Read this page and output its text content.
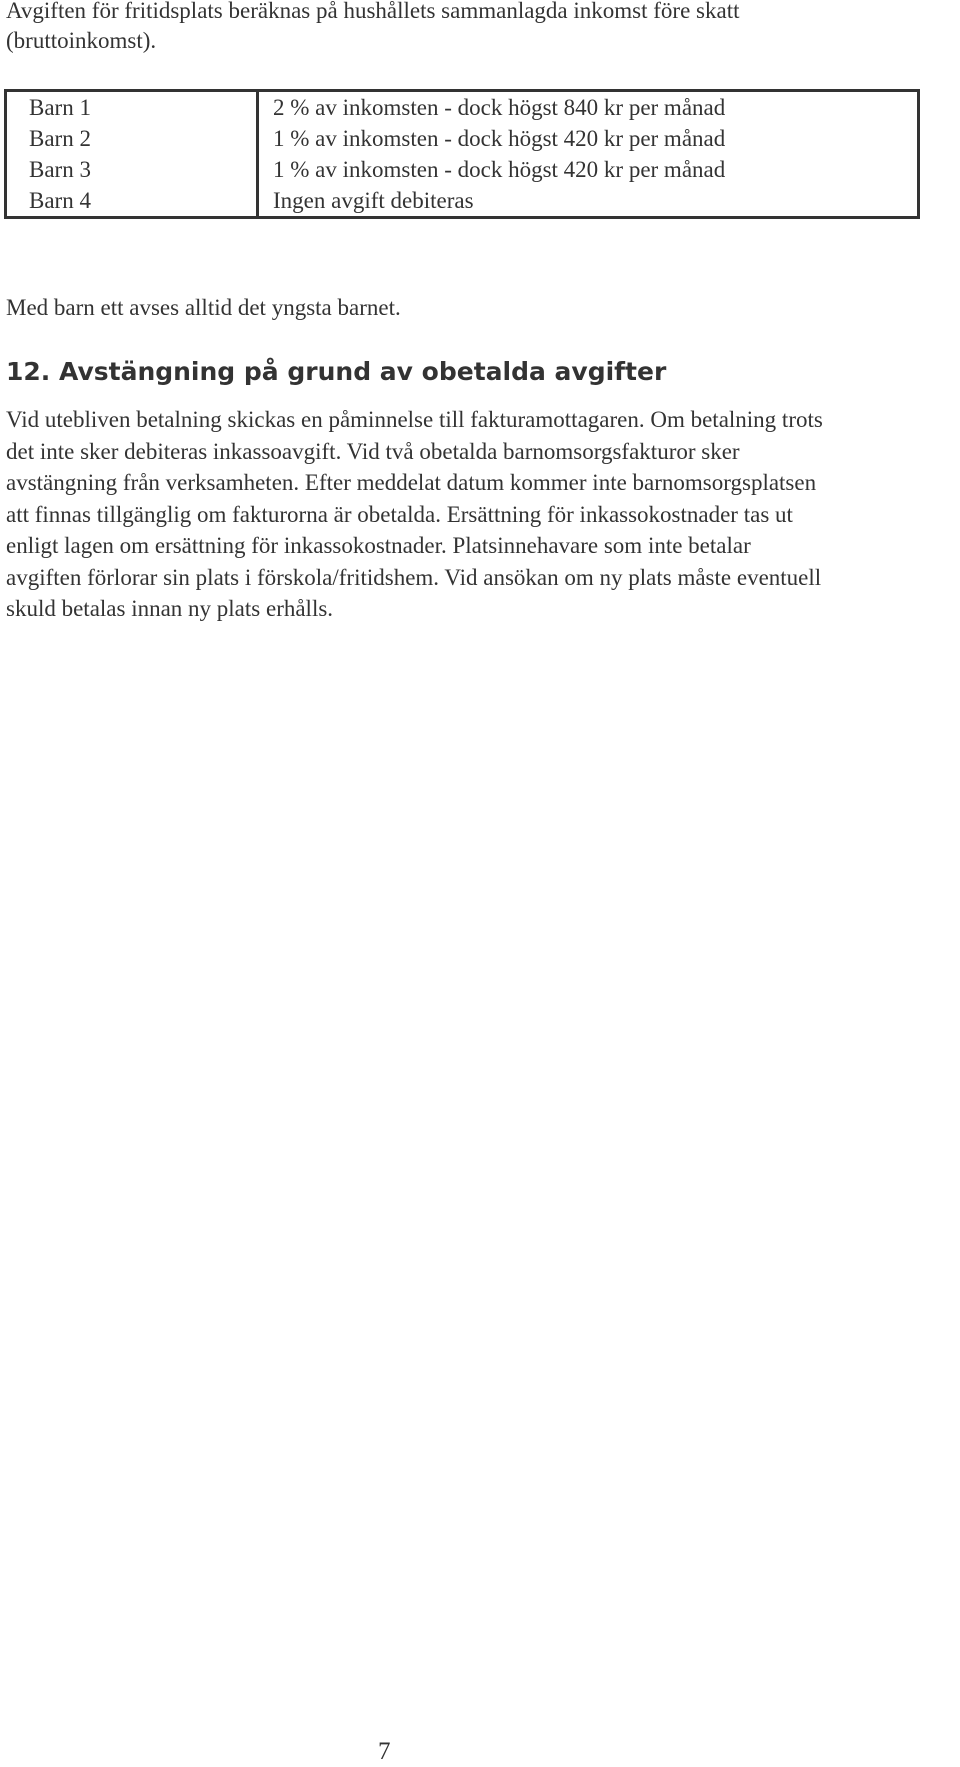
Avgiften för fritidsplats beräknas på hushållets sammanlagda inkomst före skatt
(bruttoinkomst).

Barn 1	2 % av inkomsten - dock högst 840 kr per månad
Barn 2	1 % av inkomsten - dock högst 420 kr per månad
Barn 3	1 % av inkomsten - dock högst 420 kr per månad
Barn 4	Ingen avgift debiteras

Med barn ett avses alltid det yngsta barnet.

12. Avstängning på grund av obetalda avgifter

Vid utebliven betalning skickas en påminnelse till fakturamottagaren. Om betalning trots
det inte sker debiteras inkassoavgift. Vid två obetalda barnomsorgsfakturor sker
avstängning från verksamheten. Efter meddelat datum kommer inte barnomsorgsplatsen
att finnas tillgänglig om fakturorna är obetalda. Ersättning för inkassokostnader tas ut
enligt lagen om ersättning för inkassokostnader. Platsinnehavare som inte betalar
avgiften förlorar sin plats i förskola/fritidshem. Vid ansökan om ny plats måste eventuell
skuld betalas innan ny plats erhålls.

7
